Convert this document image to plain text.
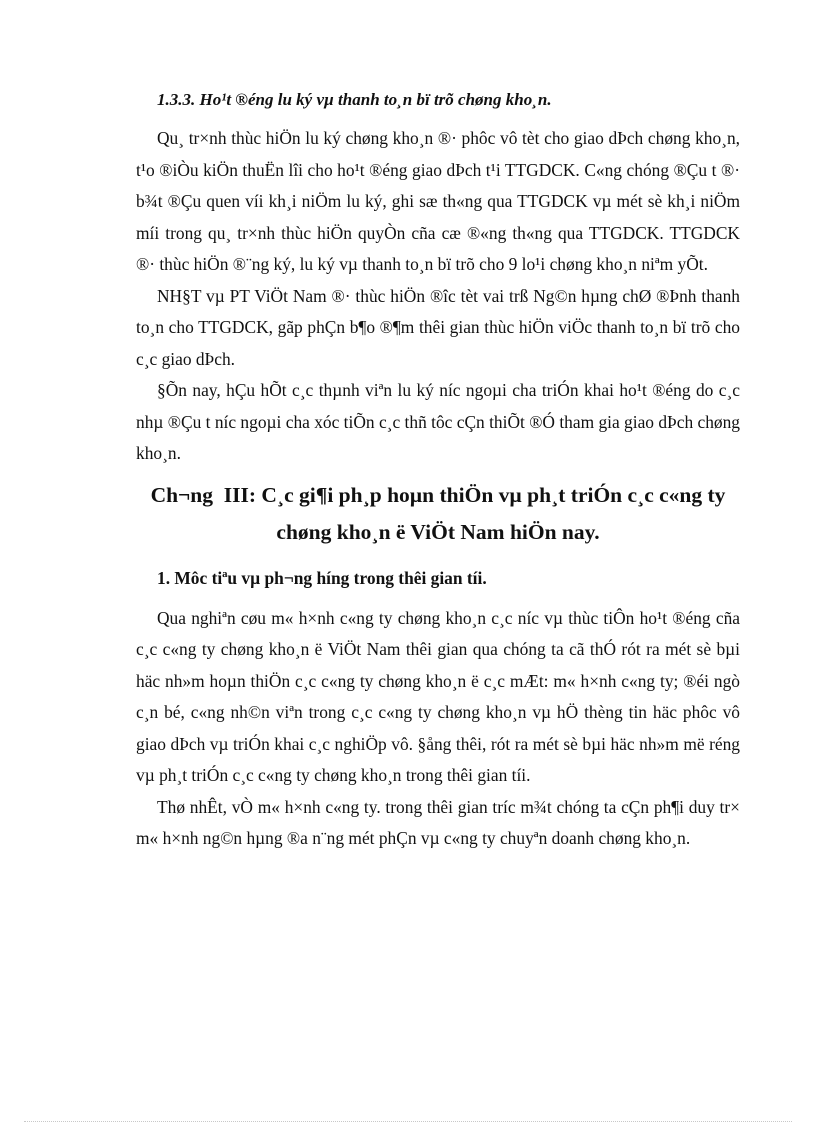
1.3.3. Ho¹t ®éng lu ký vµ thanh to¸n bï trõ chøng kho¸n.

Qu¸ tr×nh thùc hiÖn lu ký chøng kho¸n ®· phôc vô tèt cho giao dÞch chøng kho¸n, t¹o ®iÒu kiÖn thuËn lîi cho ho¹t ®éng giao dÞch t¹i TTGDCK. C«ng chóng ®Çu t ®· b¾t ®Çu quen víi kh¸i niÖm lu ký, ghi sæ th«ng qua TTGDCK vµ mét sè kh¸i niÖm míi trong qu¸ tr×nh thùc hiÖn quyÒn cña cæ ®«ng th«ng qua TTGDCK. TTGDCK ®· thùc hiÖn ®¨ng ký, lu ký vµ thanh to¸n bï trõ cho 9 lo¹i chøng kho¸n niªm yÕt.

NH§T vµ PT ViÖt Nam ®· thùc hiÖn ®îc tèt vai trß Ng©n hµng chØ ®Þnh thanh to¸n cho TTGDCK, gãp phÇn b¶o ®¶m thêi gian thùc hiÖn viÖc thanh to¸n bï trõ cho c¸c giao dÞch.

§Õn nay, hÇu hÕt c¸c thµnh viªn lu ký níc ngoµi cha triÓn khai ho¹t ®éng do c¸c nhµ ®Çu t níc ngoµi cha xóc tiÕn c¸c thñ tôc cÇn thiÕt ®Ó tham gia giao dÞch chøng kho¸n.

Ch¬ng  III: C¸c gi¶i ph¸p hoµn thiÖn vµ ph¸t triÓn c¸c c«ng ty
chøng kho¸n ë ViÖt Nam hiÖn nay.
1. Môc tiªu vµ ph¬ng híng trong thêi gian tíi.

Qua nghiªn cøu m« h×nh c«ng ty chøng kho¸n c¸c níc vµ thùc tiÔn ho¹t ®éng cña c¸c c«ng ty chøng kho¸n ë ViÖt Nam thêi gian qua chóng ta cã thÓ rót ra mét sè bµi häc nh»m hoµn thiÖn c¸c c«ng ty chøng kho¸n ë c¸c mÆt: m« h×nh c«ng ty; ®éi ngò c¸n bé, c«ng nh©n viªn trong c¸c c«ng ty chøng kho¸n vµ hÖ thèng tin häc phôc vô giao dÞch vµ triÓn khai c¸c nghiÖp vô. §ång thêi, rót ra mét sè bµi häc nh»m më réng vµ ph¸t triÓn c¸c c«ng ty chøng kho¸n trong thêi gian tíi.

Thø nhÊt, vÒ m« h×nh c«ng ty. trong thêi gian tríc m¾t chóng ta cÇn ph¶i duy tr× m« h×nh ng©n hµng ®a n¨ng mét phÇn vµ c«ng ty chuyªn doanh chøng kho¸n.
